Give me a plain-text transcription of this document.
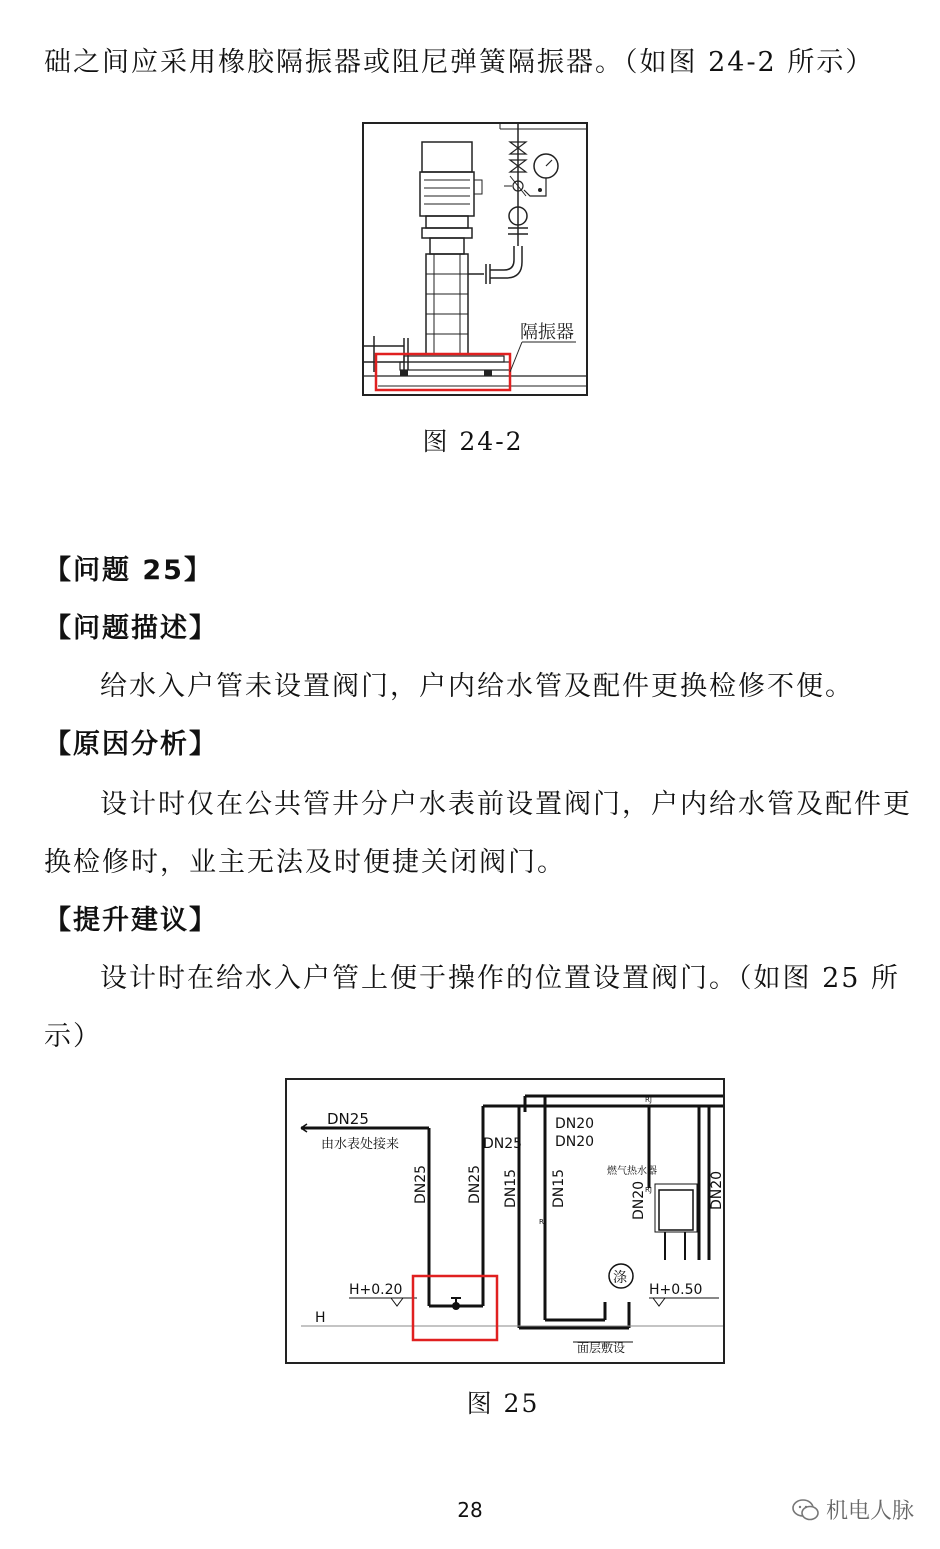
础之间应采用橡胶隔振器或阻尼弹簧隔振器。（如图 24-2 所示）
隔振器
图 24-2
【问题 25】
【问题描述】
给水入户管未设置阀门，户内给水管及配件更换检修不便。
【原因分析】
设计时仅在公共管井分户水表前设置阀门，户内给水管及配件更
换检修时，业主无法及时便捷关闭阀门。
【提升建议】
设计时在给水入户管上便于操作的位置设置阀门。（如图 25 所
示）
DN25
由水表处接来
DN25	DN25
DN25
DN20
DN20
RJ
DN15 DN15
RJ
涤
燃气热水器
DN20	DN20
RJ
H+0.20	H+0.50
H
面层敷设
图 25
28	机电人脉
